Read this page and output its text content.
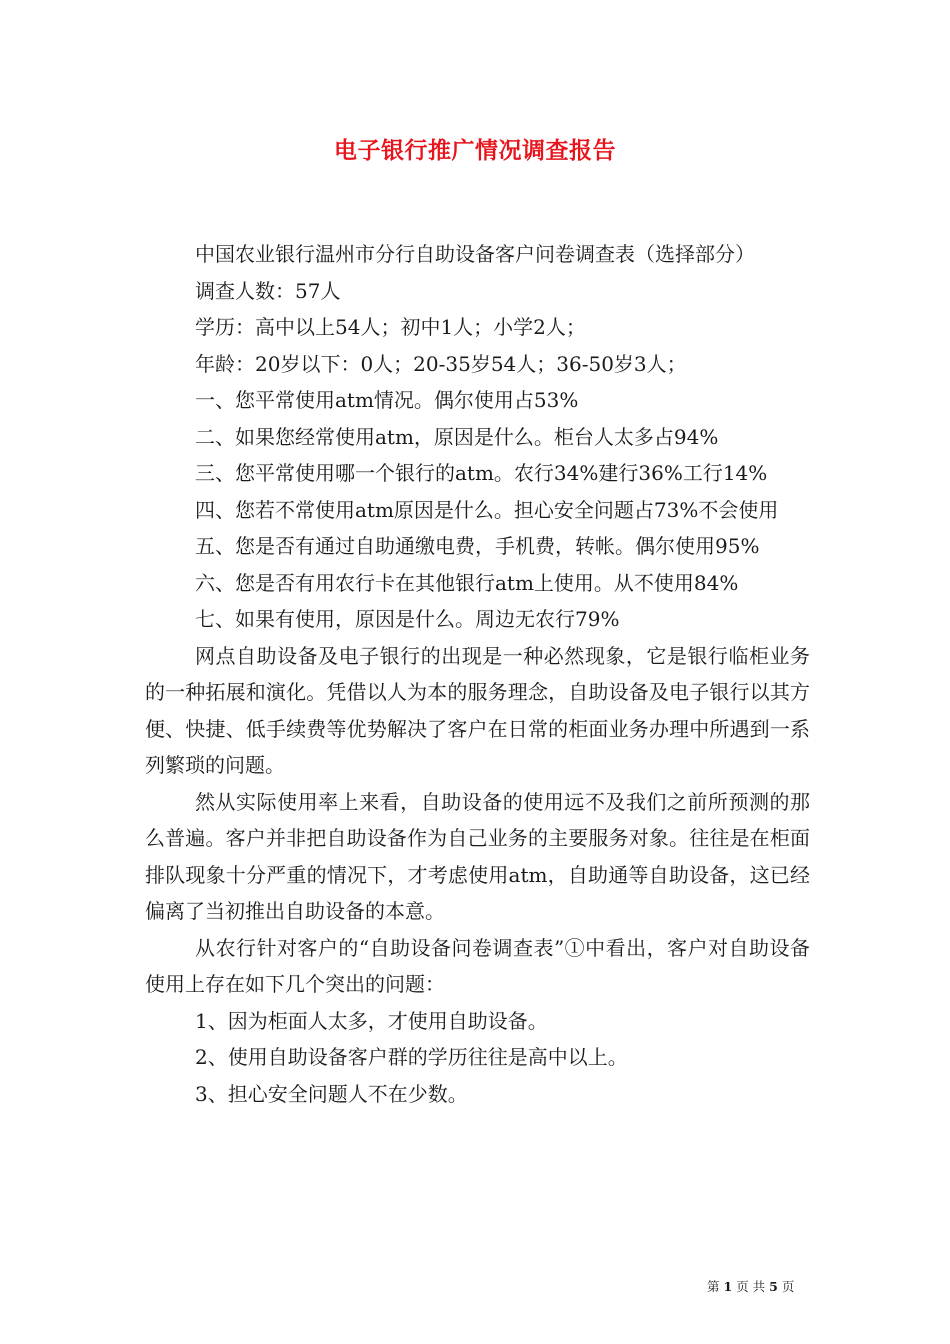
电子银行推广情况调查报告

中国农业银行温州市分行自助设备客户问卷调查表（选择部分）

调查人数：57人

学历：高中以上54人；初中1人；小学2人；

年龄：20岁以下：0人；20-35岁54人；36-50岁3人；

一、您平常使用atm情况。偶尔使用占53%

二、如果您经常使用atm，原因是什么。柜台人太多占94%

三、您平常使用哪一个银行的atm。农行34%建行36%工行14%

四、您若不常使用atm原因是什么。担心安全问题占73%不会使用

五、您是否有通过自助通缴电费，手机费，转帐。偶尔使用95%

六、您是否有用农行卡在其他银行atm上使用。从不使用84%

七、如果有使用，原因是什么。周边无农行79%

网点自助设备及电子银行的出现是一种必然现象，它是银行临柜业务的一种拓展和演化。凭借以人为本的服务理念，自助设备及电子银行以其方便、快捷、低手续费等优势解决了客户在日常的柜面业务办理中所遇到一系列繁琐的问题。

然从实际使用率上来看，自助设备的使用远不及我们之前所预测的那么普遍。客户并非把自助设备作为自己业务的主要服务对象。往往是在柜面排队现象十分严重的情况下，才考虑使用atm，自助通等自助设备，这已经偏离了当初推出自助设备的本意。

从农行针对客户的“自助设备问卷调查表”①中看出，客户对自助设备使用上存在如下几个突出的问题：

1、因为柜面人太多，才使用自助设备。

2、使用自助设备客户群的学历往往是高中以上。

3、担心安全问题人不在少数。

第 1 页 共 5 页
